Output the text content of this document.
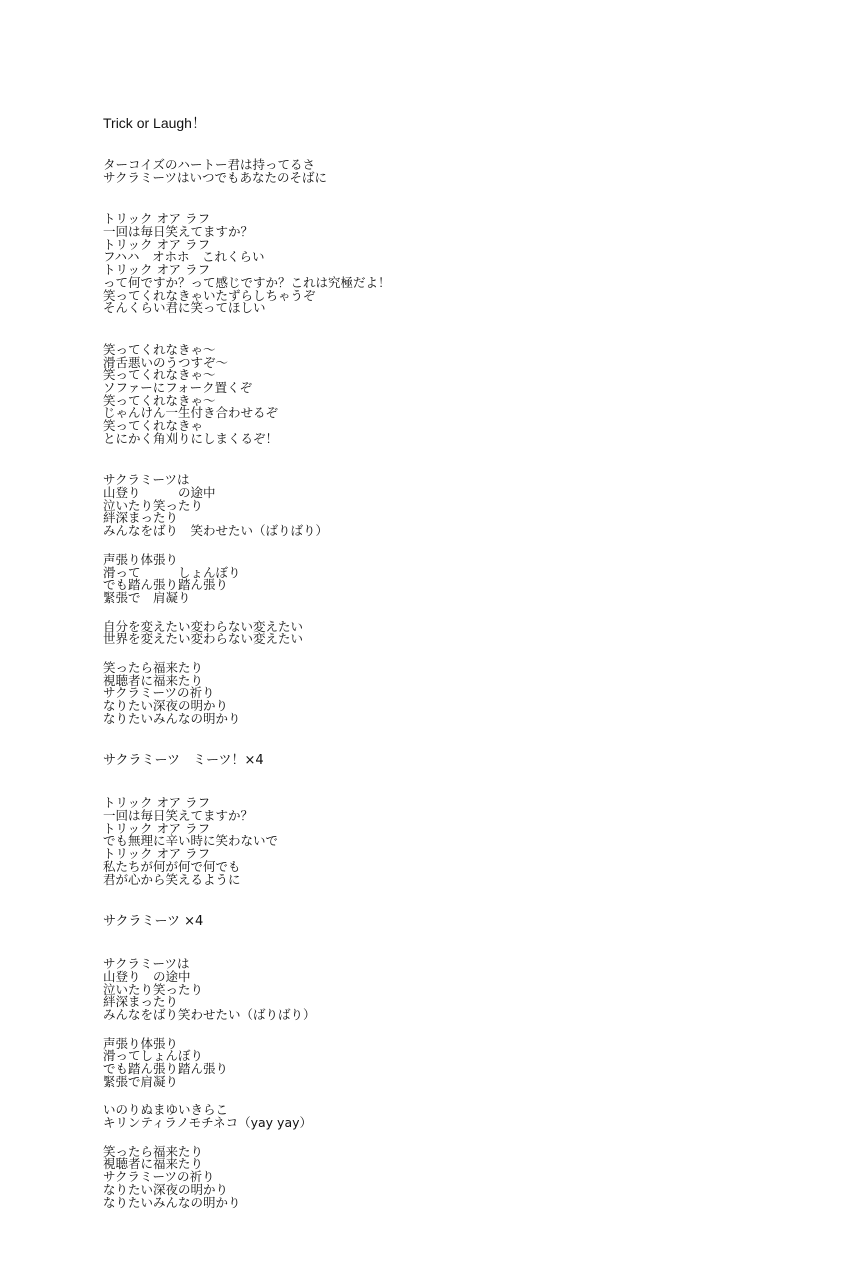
Trick or Laugh！
ターコイズのハートー君は持ってるさ
サクラミーツはいつでもあなたのそばに
トリック オア ラフ
一回は毎日笑えてますか？
トリック オア ラフ
フハハ　オホホ　これくらい
トリック オア ラフ
って何ですか？って感じですか？これは究極だよ！
笑ってくれなきゃいたずらしちゃうぞ
そんくらい君に笑ってほしい
笑ってくれなきゃ〜
滑舌悪いのうつすぞ〜
笑ってくれなきゃ〜
ソファーにフォーク置くぞ
笑ってくれなきゃ〜
じゃんけん一生付き合わせるぞ
笑ってくれなきゃ
とにかく角刈りにしまくるぞ！
サクラミーツは
山登り　　　の途中
泣いたり笑ったり
絆深まったり
みんなをばり　笑わせたい（ばりばり）
声張り体張り
滑って　　　しょんぼり
でも踏ん張り踏ん張り
緊張で　肩凝り
自分を変えたい変わらない変えたい
世界を変えたい変わらない変えたい
笑ったら福来たり
視聴者に福来たり
サクラミーツの祈り
なりたい深夜の明かり
なりたいみんなの明かり
サクラミーツ　ミーツ！×4
トリック オア ラフ
一回は毎日笑えてますか？
トリック オア ラフ
でも無理に辛い時に笑わないで
トリック オア ラフ
私たちが何が何で何でも
君が心から笑えるように
サクラミーツ ×4
サクラミーツは
山登り　の途中
泣いたり笑ったり
絆深まったり
みんなをばり笑わせたい（ばりばり）
声張り体張り
滑ってしょんぼり
でも踏ん張り踏ん張り
緊張で肩凝り
いのりぬまゆいきらこ
キリンティラノモチネコ（yay yay）
笑ったら福来たり
視聴者に福来たり
サクラミーツの祈り
なりたい深夜の明かり
なりたいみんなの明かり
